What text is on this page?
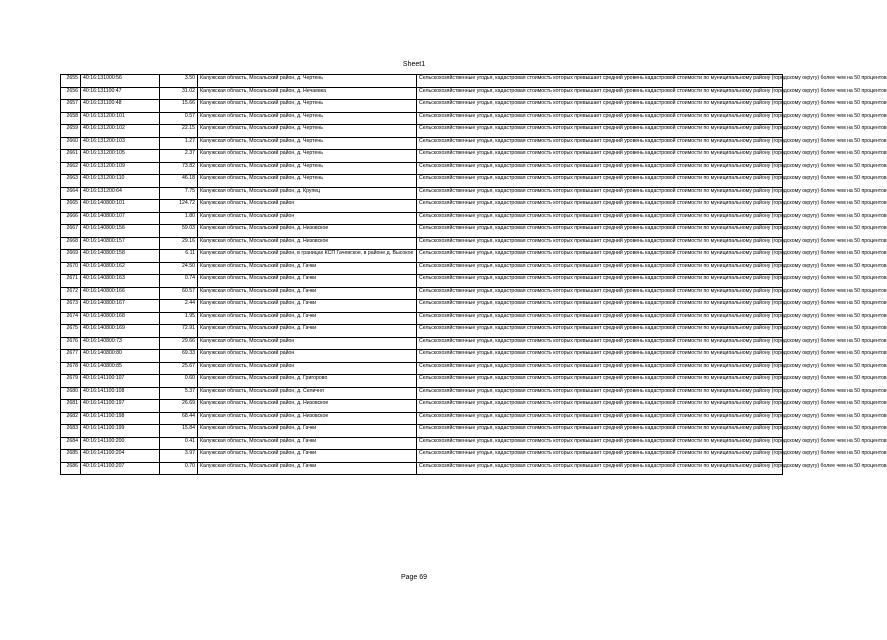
Sheet1
2655	40:16:131000:56	3.50	Калужская область, Мосальский район, д. Чертень	Сельскохозяйственные угодья, кадастровая стоимость которых превышает средний уровень кадастровой стоимости по муниципальному району (городскому округу) более чем на 50 процентов
2656	40:16:131100:47	31.02	Калужская область, Мосальский район, д. Нечаевка	Сельскохозяйственные угодья, кадастровая стоимость которых превышает средний уровень кадастровой стоимости по муниципальному району (городскому округу) более чем на 50 процентов
2657	40:16:131100:48	15.66	Калужская область, Мосальский район, д. Чертень	Сельскохозяйственные угодья, кадастровая стоимость которых превышает средний уровень кадастровой стоимости по муниципальному району (городскому округу) более чем на 50 процентов
2658	40:16:131200:101	0.57	Калужская область, Мосальский район, д. Чертень	Сельскохозяйственные угодья, кадастровая стоимость которых превышает средний уровень кадастровой стоимости по муниципальному району (городскому округу) более чем на 50 процентов
2659	40:16:131200:102	22.15	Калужская область, Мосальский район, д. Чертень	Сельскохозяйственные угодья, кадастровая стоимость которых превышает средний уровень кадастровой стоимости по муниципальному району (городскому округу) более чем на 50 процентов
2660	40:16:131200:103	1.27	Калужская область, Мосальский район, д. Чертень	Сельскохозяйственные угодья, кадастровая стоимость которых превышает средний уровень кадастровой стоимости по муниципальному району (городскому округу) более чем на 50 процентов
2661	40:16:131200:105	2.37	Калужская область, Мосальский район, д. Чертень	Сельскохозяйственные угодья, кадастровая стоимость которых превышает средний уровень кадастровой стоимости по муниципальному району (городскому округу) более чем на 50 процентов
2662	40:16:131200:109	73.82	Калужская область, Мосальский район, д. Чертень	Сельскохозяйственные угодья, кадастровая стоимость которых превышает средний уровень кадастровой стоимости по муниципальному району (городскому округу) более чем на 50 процентов
2663	40:16:131200:110	46.18	Калужская область, Мосальский район, д. Чертень	Сельскохозяйственные угодья, кадастровая стоимость которых превышает средний уровень кадастровой стоимости по муниципальному району (городскому округу) более чем на 50 процентов
2664	40:16:131200:64	7.75	Калужская область, Мосальский район, д. Крупец	Сельскохозяйственные угодья, кадастровая стоимость которых превышает средний уровень кадастровой стоимости по муниципальному району (городскому округу) более чем на 50 процентов
2665	40:16:140800:101	124.72	Калужская область, Мосальский район	Сельскохозяйственные угодья, кадастровая стоимость которых превышает средний уровень кадастровой стоимости по муниципальному району (городскому округу) более чем на 50 процентов
2666	40:16:140800:107	1.80	Калужская область, Мосальский район	Сельскохозяйственные угодья, кадастровая стоимость которых превышает средний уровень кадастровой стоимости по муниципальному району (городскому округу) более чем на 50 процентов
2667	40:16:140800:156	59.03	Калужская область, Мосальский район, д. Низовское	Сельскохозяйственные угодья, кадастровая стоимость которых превышает средний уровень кадастровой стоимости по муниципальному району (городскому округу) более чем на 50 процентов
2668	40:16:140800:157	29.16	Калужская область, Мосальский район, д. Низовское	Сельскохозяйственные угодья, кадастровая стоимость которых превышает средний уровень кадастровой стоимости по муниципальному району (городскому округу) более чем на 50 процентов
2669	40:16:140800:158	6.11	Калужская область, Мосальский район, в границах КСП Гачевское, в районе д. Высокое	Сельскохозяйственные угодья, кадастровая стоимость которых превышает средний уровень кадастровой стоимости по муниципальному району (городскому округу) более чем на 50 процентов
2670	40:16:140800:162	24.50	Калужская область, Мосальский район, д. Гачки	Сельскохозяйственные угодья, кадастровая стоимость которых превышает средний уровень кадастровой стоимости по муниципальному району (городскому округу) более чем на 50 процентов
2671	40:16:140800:163	0.74	Калужская область, Мосальский район, д. Гачки	Сельскохозяйственные угодья, кадастровая стоимость которых превышает средний уровень кадастровой стоимости по муниципальному району (городскому округу) более чем на 50 процентов
2672	40:16:140800:166	60.57	Калужская область, Мосальский район, д. Гачки	Сельскохозяйственные угодья, кадастровая стоимость которых превышает средний уровень кадастровой стоимости по муниципальному району (городскому округу) более чем на 50 процентов
2673	40:16:140800:167	2.44	Калужская область, Мосальский район, д. Гачки	Сельскохозяйственные угодья, кадастровая стоимость которых превышает средний уровень кадастровой стоимости по муниципальному району (городскому округу) более чем на 50 процентов
2674	40:16:140800:168	1.95	Калужская область, Мосальский район, д. Гачки	Сельскохозяйственные угодья, кадастровая стоимость которых превышает средний уровень кадастровой стоимости по муниципальному району (городскому округу) более чем на 50 процентов
2675	40:16:140800:169	72.91	Калужская область, Мосальский район, д. Гачки	Сельскохозяйственные угодья, кадастровая стоимость которых превышает средний уровень кадастровой стоимости по муниципальному району (городскому округу) более чем на 50 процентов
2676	40:16:140800:73	29.66	Калужская область, Мосальский район	Сельскохозяйственные угодья, кадастровая стоимость которых превышает средний уровень кадастровой стоимости по муниципальному району (городскому округу) более чем на 50 процентов
2677	40:16:140800:80	69.33	Калужская область, Мосальский район	Сельскохозяйственные угодья, кадастровая стоимость которых превышает средний уровень кадастровой стоимости по муниципальному району (городскому округу) более чем на 50 процентов
2678	40:16:140800:85	25.67	Калужская область, Мосальский район	Сельскохозяйственные угодья, кадастровая стоимость которых превышает средний уровень кадастровой стоимости по муниципальному району (городскому округу) более чем на 50 процентов
2679	40:16:141100:107	0.60	Калужская область, Мосальский район, д. Григорово	Сельскохозяйственные угодья, кадастровая стоимость которых превышает средний уровень кадастровой стоимости по муниципальному району (городскому округу) более чем на 50 процентов
2680	40:16:141100:108	5.37	Калужская область, Мосальский район, д. Селичня	Сельскохозяйственные угодья, кадастровая стоимость которых превышает средний уровень кадастровой стоимости по муниципальному району (городскому округу) более чем на 50 процентов
2681	40:16:141100:197	26.69	Калужская область, Мосальский район, д. Низовское	Сельскохозяйственные угодья, кадастровая стоимость которых превышает средний уровень кадастровой стоимости по муниципальному району (городскому округу) более чем на 50 процентов
2682	40:16:141100:198	68.44	Калужская область, Мосальский район, д. Низовское	Сельскохозяйственные угодья, кадастровая стоимость которых превышает средний уровень кадастровой стоимости по муниципальному району (городскому округу) более чем на 50 процентов
2683	40:16:141100:199	15.84	Калужская область, Мосальский район, д. Гачки	Сельскохозяйственные угодья, кадастровая стоимость которых превышает средний уровень кадастровой стоимости по муниципальному району (городскому округу) более чем на 50 процентов
2684	40:16:141100:200	0.41	Калужская область, Мосальский район, д. Гачки	Сельскохозяйственные угодья, кадастровая стоимость которых превышает средний уровень кадастровой стоимости по муниципальному району (городскому округу) более чем на 50 процентов
2685	40:16:141100:204	3.97	Калужская область, Мосальский район, д. Гачки	Сельскохозяйственные угодья, кадастровая стоимость которых превышает средний уровень кадастровой стоимости по муниципальному району (городскому округу) более чем на 50 процентов
2686	40:16:141100:207	0.70	Калужская область, Мосальский район, д. Гачки	Сельскохозяйственные угодья, кадастровая стоимость которых превышает средний уровень кадастровой стоимости по муниципальному району (городскому округу) более чем на 50 процентов
Page 69
